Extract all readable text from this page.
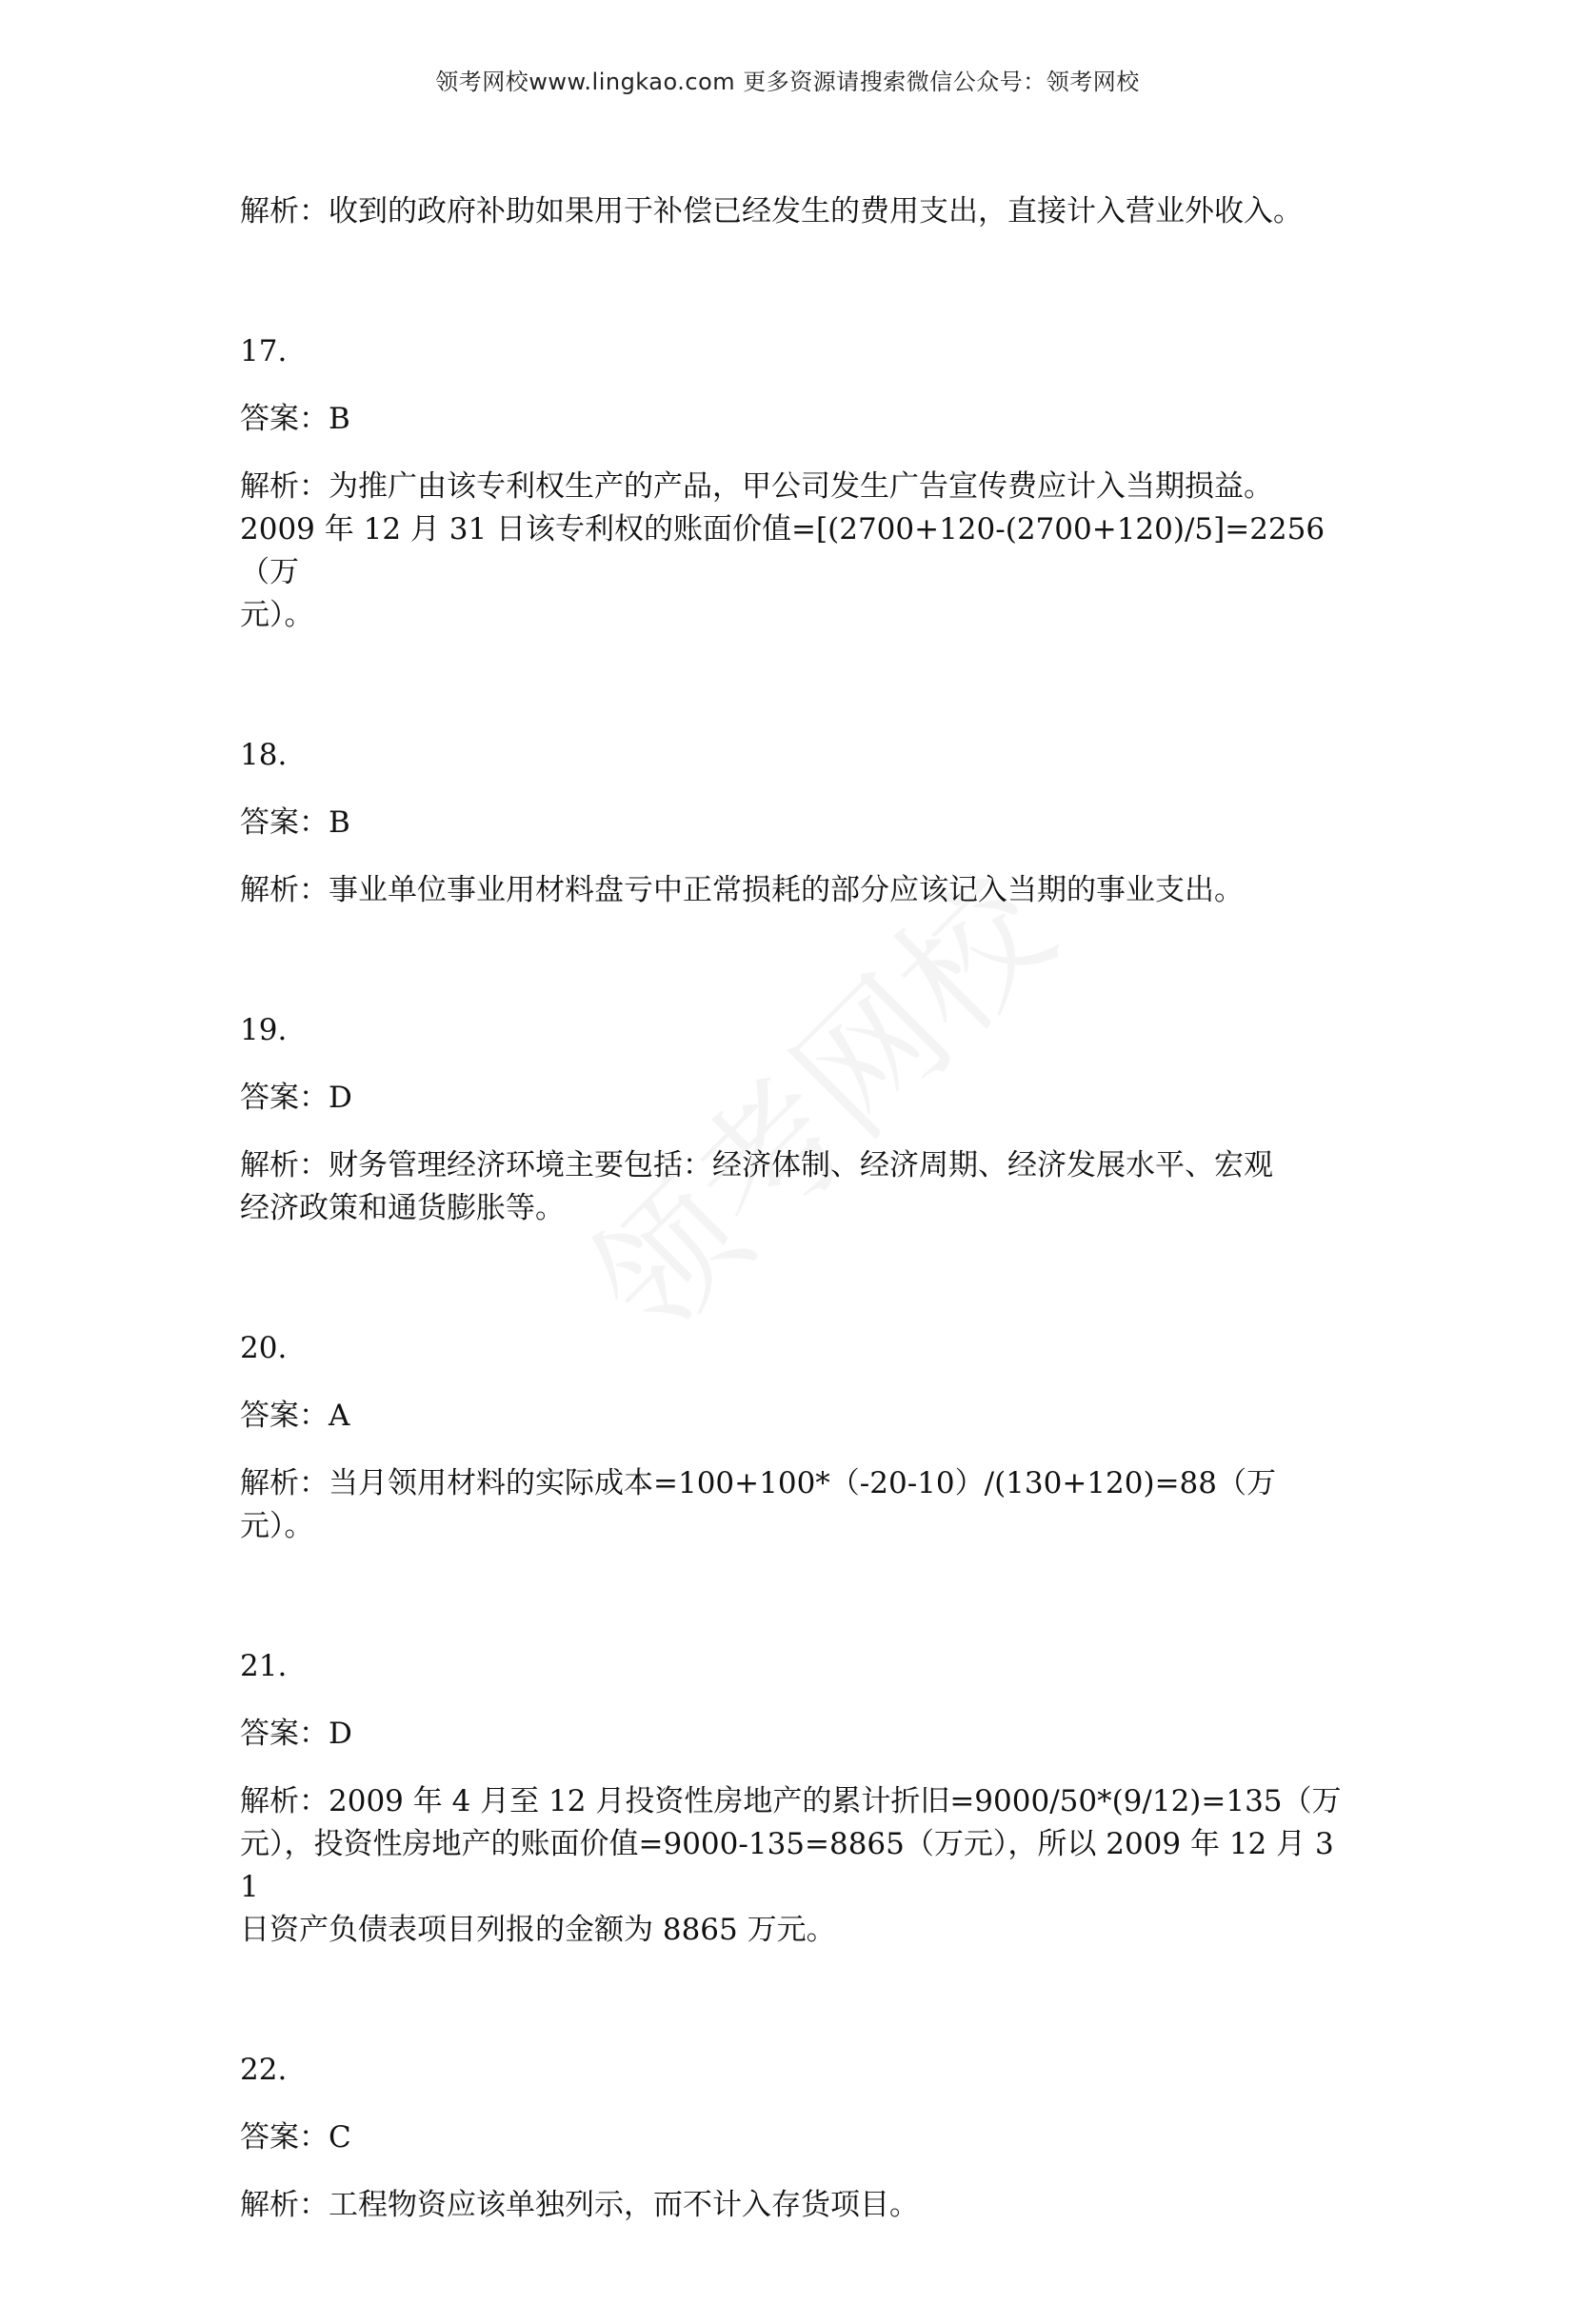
领考网校www.lingkao.com 更多资源请搜索微信公众号：领考网校

解析：收到的政府补助如果用于补偿已经发生的费用支出，直接计入营业外收入。

17.

答案：B

解析：为推广由该专利权生产的产品，甲公司发生广告宣传费应计入当期损益。

2009 年 12 月 31 日该专利权的账面价值=[(2700+120-(2700+120)/5]=2256（万

元）。

18.

答案：B

解析：事业单位事业用材料盘亏中正常损耗的部分应该记入当期的事业支出。

19.

答案：D

解析：财务管理经济环境主要包括：经济体制、经济周期、经济发展水平、宏观

经济政策和通货膨胀等。

20.

答案：A

解析：当月领用材料的实际成本=100+100*（-20-10）/(130+120)=88（万元）。

21.

答案：D

解析：2009 年 4 月至 12 月投资性房地产的累计折旧=9000/50*(9/12)=135（万

元），投资性房地产的账面价值=9000-135=8865（万元），所以 2009 年 12 月 31

日资产负债表项目列报的金额为 8865 万元。

22.

答案：C

解析：工程物资应该单独列示，而不计入存货项目。
